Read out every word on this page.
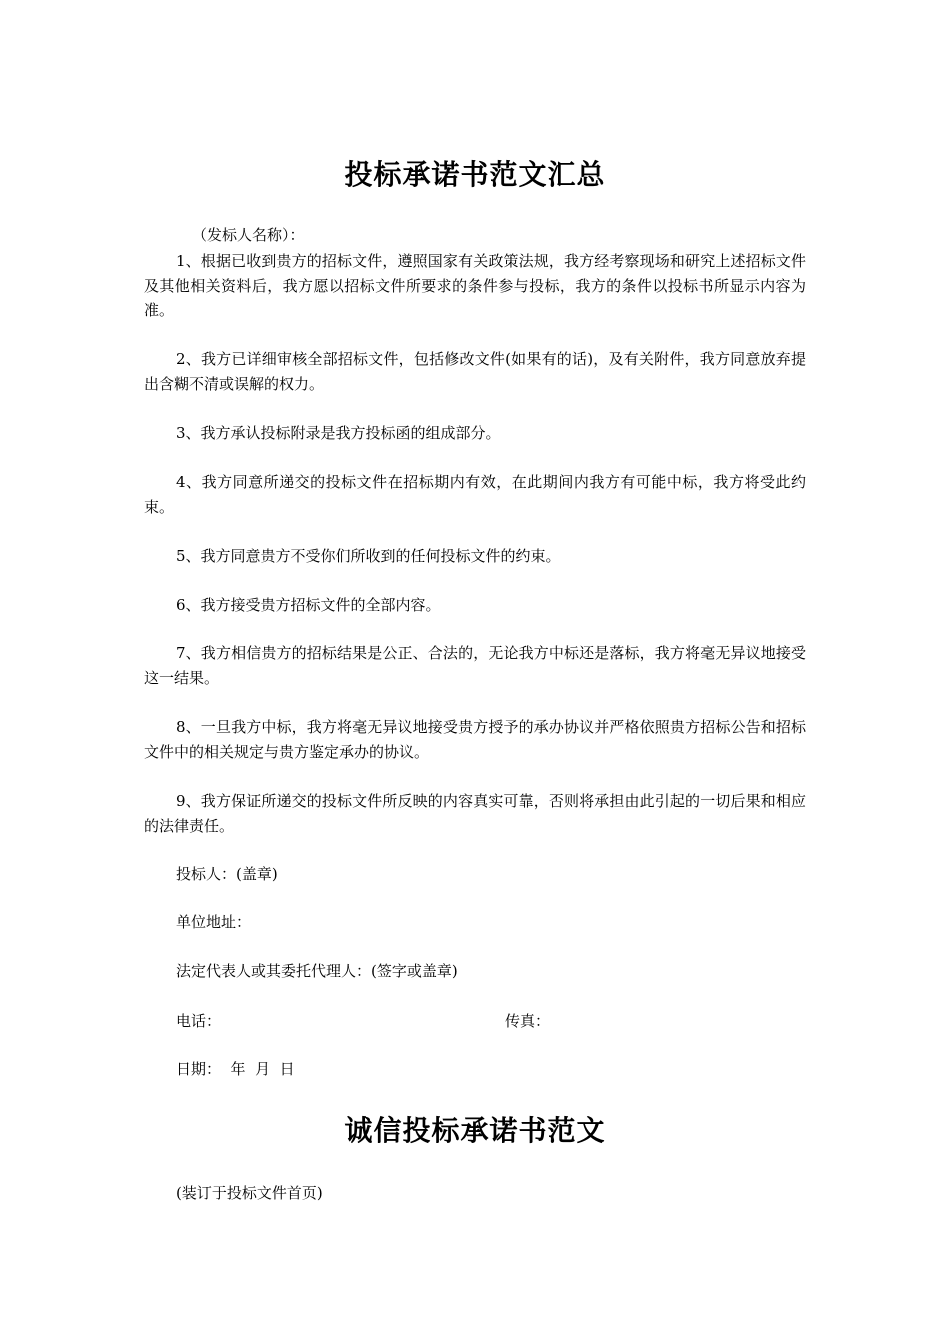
投标承诺书范文汇总
（发标人名称）：
1、根据已收到贵方的招标文件，遵照国家有关政策法规，我方经考察现场和研究上述招标文件及其他相关资料后，我方愿以招标文件所要求的条件参与投标，我方的条件以投标书所显示内容为准。
2、我方已详细审核全部招标文件，包括修改文件(如果有的话)，及有关附件，我方同意放弃提出含糊不清或误解的权力。
3、我方承认投标附录是我方投标函的组成部分。
4、我方同意所递交的投标文件在招标期内有效，在此期间内我方有可能中标，我方将受此约束。
5、我方同意贵方不受你们所收到的任何投标文件的约束。
6、我方接受贵方招标文件的全部内容。
7、我方相信贵方的招标结果是公正、合法的，无论我方中标还是落标，我方将毫无异议地接受这一结果。
8、一旦我方中标，我方将毫无异议地接受贵方授予的承办协议并严格依照贵方招标公告和招标文件中的相关规定与贵方鉴定承办的协议。
9、我方保证所递交的投标文件所反映的内容真实可靠，否则将承担由此引起的一切后果和相应的法律责任。
投标人：(盖章)
单位地址：
法定代表人或其委托代理人：(签字或盖章)
电话：	传真：
日期：  年  月  日
诚信投标承诺书范文
(装订于投标文件首页)
